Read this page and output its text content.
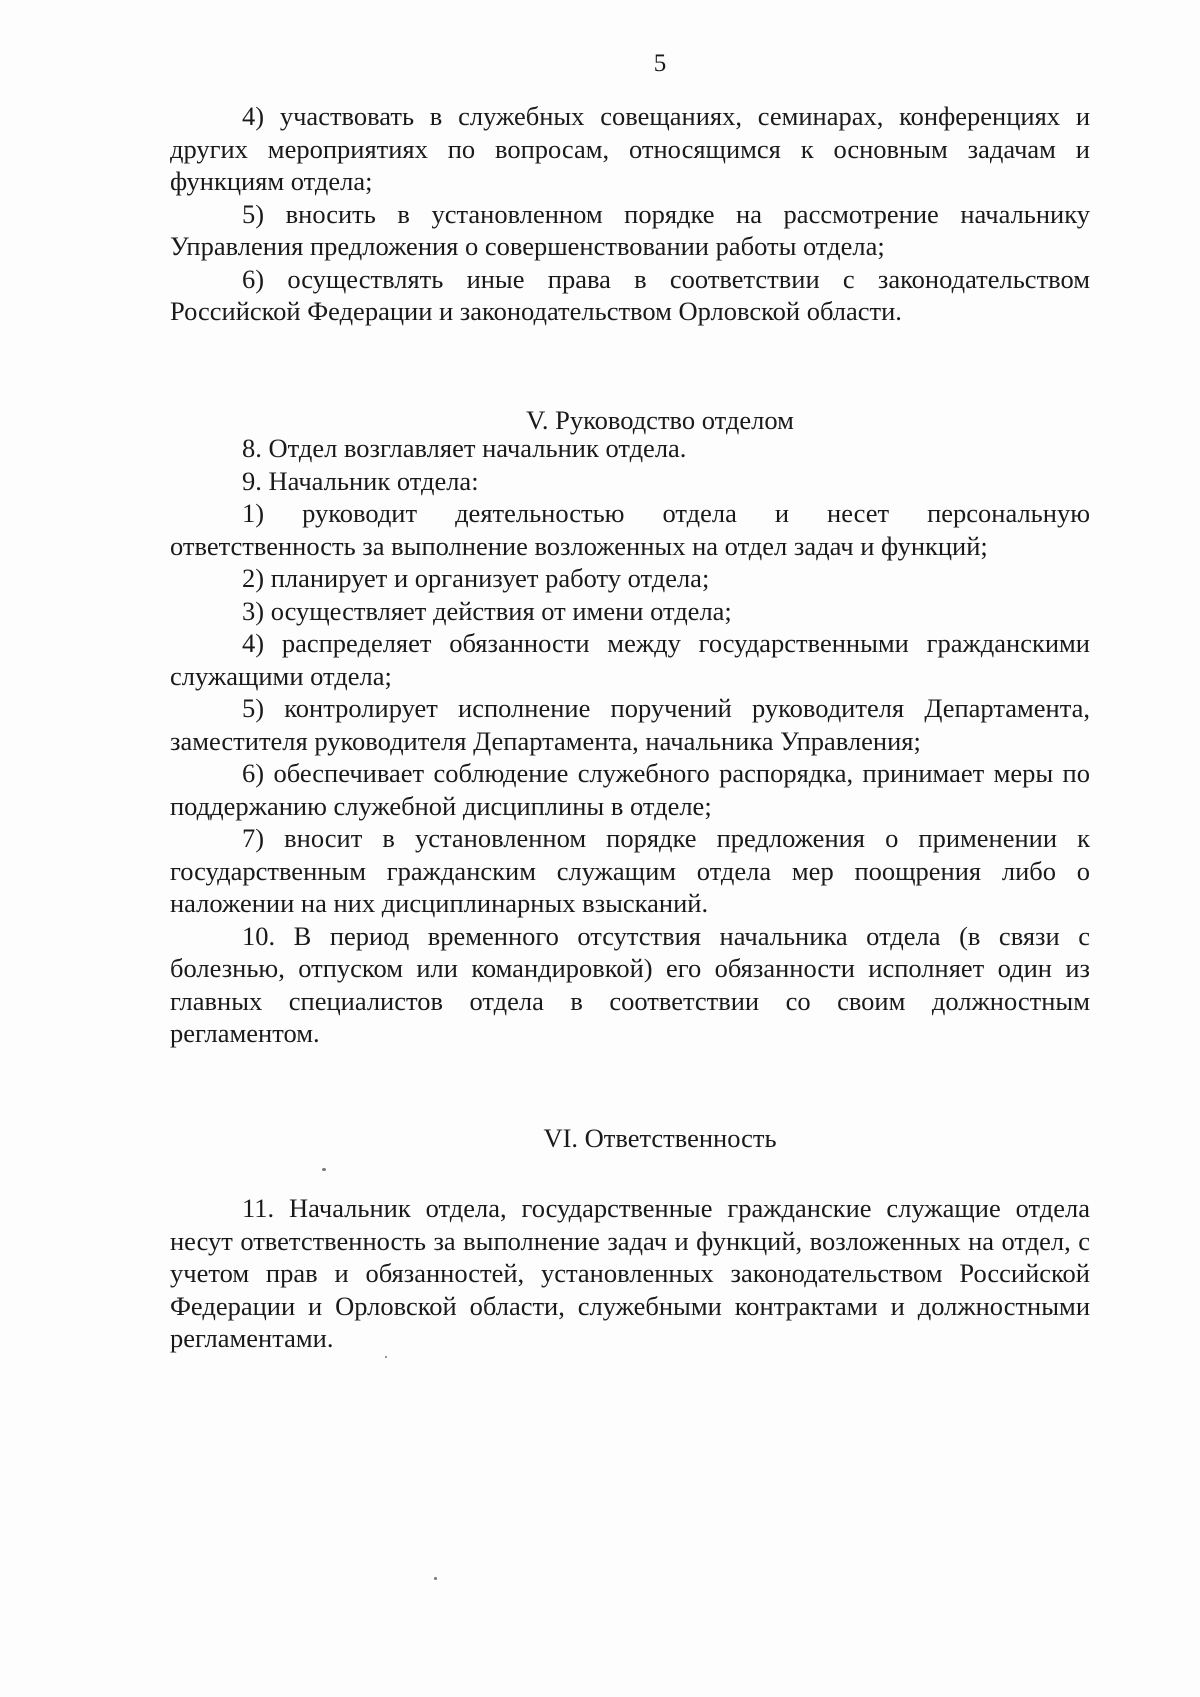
5

4) участвовать в служебных совещаниях, семинарах, конференциях и других мероприятиях по вопросам, относящимся к основным задачам и функциям отдела;

5) вносить в установленном порядке на рассмотрение начальнику Управления предложения о совершенствовании работы отдела;

6) осуществлять иные права в соответствии с законодательством Российской Федерации и законодательством Орловской области.

V. Руководство отделом

8. Отдел возглавляет начальник отдела.

9. Начальник отдела:

1) руководит деятельностью отдела и несет персональную ответственность за выполнение возложенных на отдел задач и функций;

2) планирует и организует работу отдела;

3) осуществляет действия от имени отдела;

4) распределяет обязанности между государственными гражданскими служащими отдела;

5) контролирует исполнение поручений руководителя Департамента, заместителя руководителя Департамента, начальника Управления;

6) обеспечивает соблюдение служебного распорядка, принимает меры по поддержанию служебной дисциплины в отделе;

7) вносит в установленном порядке предложения о применении к государственным гражданским служащим отдела мер поощрения либо о наложении на них дисциплинарных взысканий.

10. В период временного отсутствия начальника отдела (в связи с болезнью, отпуском или командировкой) его обязанности исполняет один из главных специалистов отдела в соответствии со своим должностным регламентом.

VI. Ответственность

11. Начальник отдела, государственные гражданские служащие отдела несут ответственность за выполнение задач и функций, возложенных на отдел, с учетом прав и обязанностей, установленных законодательством Российской Федерации и Орловской области, служебными контрактами и должностными регламентами.
